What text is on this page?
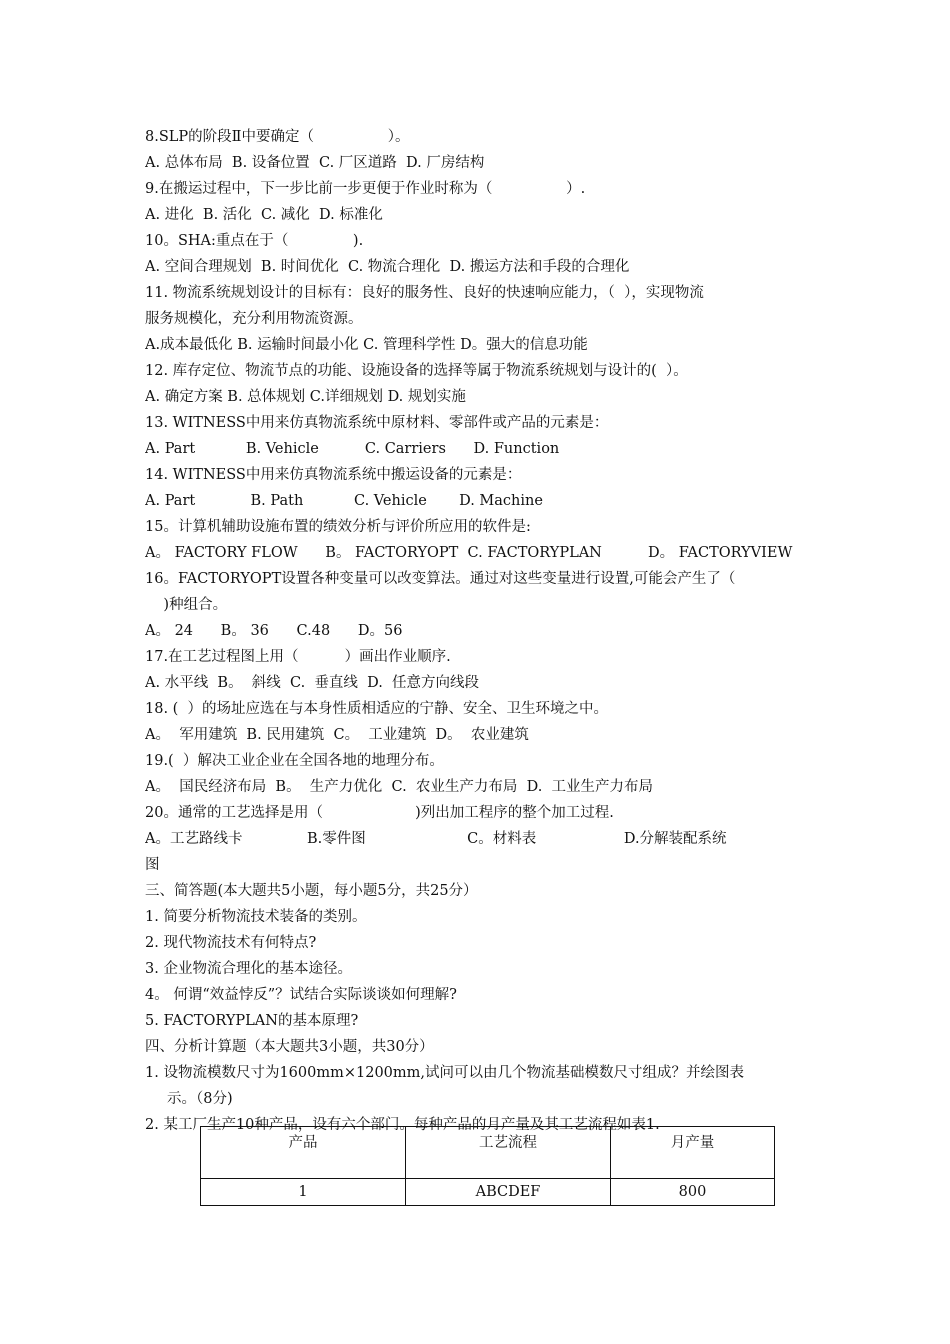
8.SLP的阶段Ⅱ中要确定（                ）。
A. 总体布局  B. 设备位置  C. 厂区道路  D. 厂房结构
9.在搬运过程中，下一步比前一步更便于作业时称为（                ）.
A. 进化  B. 活化  C. 减化  D. 标准化
10。SHA:重点在于（              ).
A. 空间合理规划  B. 时间优化  C. 物流合理化  D. 搬运方法和手段的合理化
11. 物流系统规划设计的目标有：良好的服务性、良好的快速响应能力，（  ），实现物流
服务规模化，充分利用物流资源。
A.成本最低化 B. 运输时间最小化 C. 管理科学性 D。强大的信息功能
12. 库存定位、物流节点的功能、设施设备的选择等属于物流系统规划与设计的(  ）。
A. 确定方案 B. 总体规划 C.详细规划 D. 规划实施
13. WITNESS中用来仿真物流系统中原材料、零部件或产品的元素是：
A. Part           B. Vehicle          C. Carriers      D. Function
14. WITNESS中用来仿真物流系统中搬运设备的元素是：
A. Part            B. Path           C. Vehicle       D. Machine
15。计算机辅助设施布置的绩效分析与评价所应用的软件是:
A。 FACTORY FLOW      B。 FACTORYOPT  C. FACTORYPLAN          D。 FACTORYVIEW
16。FACTORYOPT设置各种变量可以改变算法。通过对这些变量进行设置,可能会产生了（
)种组合。
A。 24      B。 36      C.48      D。56
17.在工艺过程图上用（          ）画出作业顺序.
A. 水平线  B。  斜线  C.  垂直线  D.  任意方向线段
18. (  ）的场址应选在与本身性质相适应的宁静、安全、卫生环境之中。
A。  军用建筑  B. 民用建筑  C。  工业建筑  D。  农业建筑
19.(  ）解决工业企业在全国各地的地理分布。
A。  国民经济布局  B。  生产力优化  C.  农业生产力布局  D.  工业生产力布局
20。通常的工艺选择是用（                    )列出加工程序的整个加工过程.
A。工艺路线卡              B.零件图                      C。材料表                   D.分解装配系统
图
三、简答题(本大题共5小题，每小题5分，共25分）
1. 简要分析物流技术装备的类别。
2. 现代物流技术有何特点?
3. 企业物流合理化的基本途径。
4。 何谓“效益悖反”？试结合实际谈谈如何理解?
5. FACTORYPLAN的基本原理?
四、分析计算题（本大题共3小题，共30分）
1. 设物流模数尺寸为1600mm×1200mm,试问可以由几个物流基础模数尺寸组成？并绘图表
示。（8分)
2. 某工厂生产10种产品，设有六个部门。每种产品的月产量及其工艺流程如表1.
产品	工艺流程	月产量
1	ABCDEF	800
